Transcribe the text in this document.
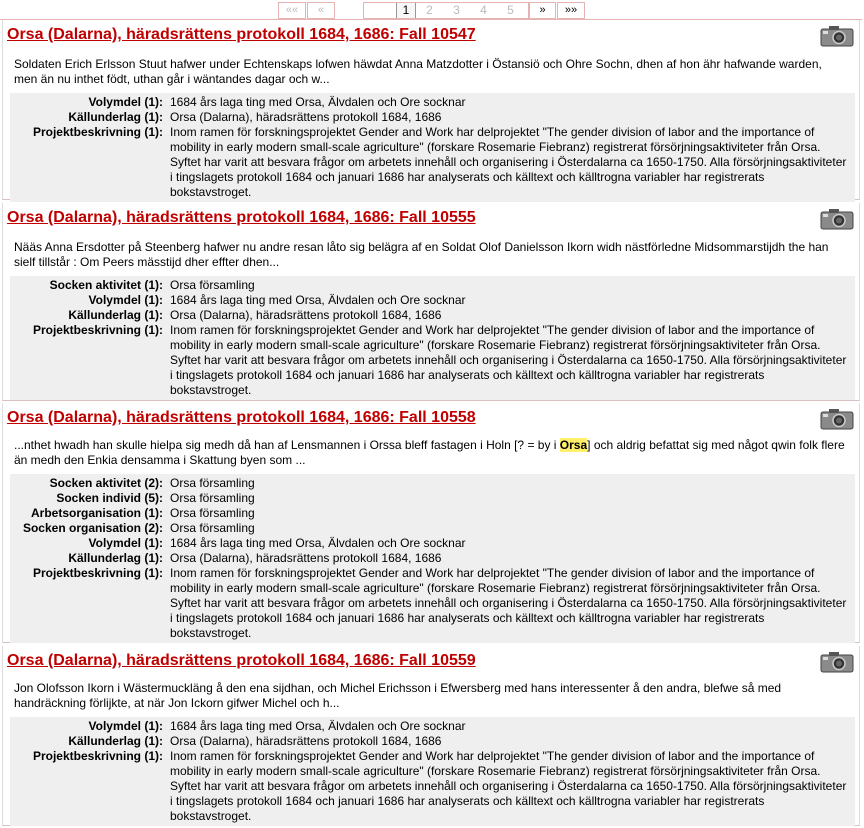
««	«	1	2	3	4	5	»	»»
Orsa (Dalarna), häradsrättens protokoll 1684, 1686: Fall 10547
Soldaten Erich Erlsson Stuut hafwer under Echtenskaps lofwen häwdat Anna Matzdotter i Östansiö och Ohre Sochn, dhen af hon ähr hafwande warden, men än nu inthet födt, uthan går i wäntandes dagar och w...
Volymdel (1): 1684 års laga ting med Orsa, Älvdalen och Ore socknar
Källunderlag (1): Orsa (Dalarna), häradsrättens protokoll 1684, 1686
Projektbeskrivning (1): Inom ramen för forskningsprojektet Gender and Work har delprojektet "The gender division of labor and the importance of mobility in early modern small-scale agriculture" (forskare Rosemarie Fiebranz) registrerat försörjningsaktiviteter från Orsa. Syftet har varit att besvara frågor om arbetets innehåll och organisering i Österdalarna ca 1650-1750. Alla försörjningsaktiviteter i tingslagets protokoll 1684 och januari 1686 har analyserats och källtext och källtrogna variabler har registrerats bokstavstroget.
Orsa (Dalarna), häradsrättens protokoll 1684, 1686: Fall 10555
Nääs Anna Ersdotter på Steenberg hafwer nu andre resan låto sig belägra af en Soldat Olof Danielsson Ikorn widh nästförledne Midsommarstijdh the han sielf tillstår : Om Peers mässtijd dher effter dhen...
Socken aktivitet (1): Orsa församling
Volymdel (1): 1684 års laga ting med Orsa, Älvdalen och Ore socknar
Källunderlag (1): Orsa (Dalarna), häradsrättens protokoll 1684, 1686
Projektbeskrivning (1): Inom ramen för forskningsprojektet Gender and Work har delprojektet "The gender division of labor and the importance of mobility in early modern small-scale agriculture" (forskare Rosemarie Fiebranz) registrerat försörjningsaktiviteter från Orsa. Syftet har varit att besvara frågor om arbetets innehåll och organisering i Österdalarna ca 1650-1750. Alla försörjningsaktiviteter i tingslagets protokoll 1684 och januari 1686 har analyserats och källtext och källtrogna variabler har registrerats bokstavstroget.
Orsa (Dalarna), häradsrättens protokoll 1684, 1686: Fall 10558
...nthet hwadh han skulle hielpa sig medh då han af Lensmannen i Orssa bleff fastagen i Holn [? = by i Orsa] och aldrig befattat sig med något qwin folk flere än medh den Enkia densamma i Skattung byen som ...
Socken aktivitet (2): Orsa församling
Socken individ (5): Orsa församling
Arbetsorganisation (1): Orsa församling
Socken organisation (2): Orsa församling
Volymdel (1): 1684 års laga ting med Orsa, Älvdalen och Ore socknar
Källunderlag (1): Orsa (Dalarna), häradsrättens protokoll 1684, 1686
Projektbeskrivning (1): Inom ramen för forskningsprojektet Gender and Work har delprojektet "The gender division of labor and the importance of mobility in early modern small-scale agriculture" (forskare Rosemarie Fiebranz) registrerat försörjningsaktiviteter från Orsa. Syftet har varit att besvara frågor om arbetets innehåll och organisering i Österdalarna ca 1650-1750. Alla försörjningsaktiviteter i tingslagets protokoll 1684 och januari 1686 har analyserats och källtext och källtrogna variabler har registrerats bokstavstroget.
Orsa (Dalarna), häradsrättens protokoll 1684, 1686: Fall 10559
Jon Olofsson Ikorn i Wästermuckläng å den ena sijdhan, och Michel Erichsson i Efwersberg med hans interessenter å den andra, blefwe så med handräckning förlijkte, at när Jon Ickorn gifwer Michel och h...
Volymdel (1): 1684 års laga ting med Orsa, Älvdalen och Ore socknar
Källunderlag (1): Orsa (Dalarna), häradsrättens protokoll 1684, 1686
Projektbeskrivning (1): Inom ramen för forskningsprojektet Gender and Work har delprojektet "The gender division of labor and the importance of mobility in early modern small-scale agriculture" (forskare Rosemarie Fiebranz) registrerat försörjningsaktiviteter från Orsa. Syftet har varit att besvara frågor om arbetets innehåll och organisering i Österdalarna ca 1650-1750. Alla försörjningsaktiviteter i tingslagets protokoll 1684 och januari 1686 har analyserats och källtext och källtrogna variabler har registrerats bokstavstroget.
